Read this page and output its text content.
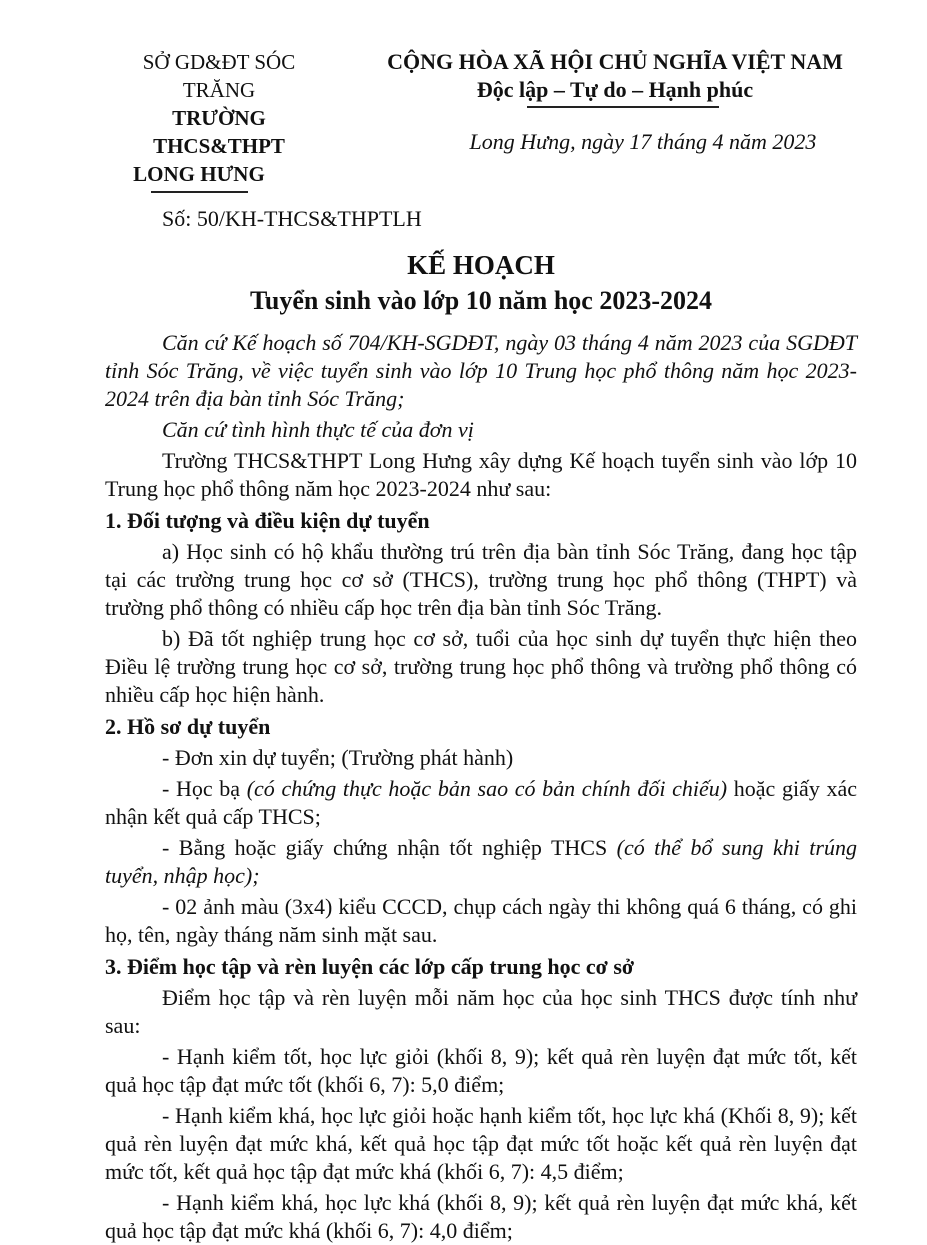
SỞ GD&ĐT SÓC TRĂNG
TRƯỜNG THCS&THPT
LONG HƯNG
CỘNG HÒA XÃ HỘI CHỦ NGHĨA VIỆT NAM
Độc lập – Tự do – Hạnh phúc
Long Hưng, ngày 17 tháng 4 năm 2023
Số: 50/KH-THCS&THPTLH
KẾ HOẠCH
Tuyển sinh vào lớp 10 năm học 2023-2024

Căn cứ Kế hoạch số 704/KH-SGDĐT, ngày 03 tháng 4 năm 2023 của SGDĐT tỉnh Sóc Trăng, về việc tuyển sinh vào lớp 10 Trung học phổ thông năm học 2023-2024 trên địa bàn tỉnh Sóc Trăng;

Căn cứ tình hình thực tế của đơn vị

Trường THCS&THPT Long Hưng xây dựng Kế hoạch tuyển sinh vào lớp 10 Trung học phổ thông năm học 2023-2024 như sau:

1. Đối tượng và điều kiện dự tuyển

a) Học sinh có hộ khẩu thường trú trên địa bàn tỉnh Sóc Trăng, đang học tập tại các trường trung học cơ sở (THCS), trường trung học phổ thông (THPT) và trường phổ thông có nhiều cấp học trên địa bàn tỉnh Sóc Trăng.

b) Đã tốt nghiệp trung học cơ sở, tuổi của học sinh dự tuyển thực hiện theo Điều lệ trường trung học cơ sở, trường trung học phổ thông và trường phổ thông có nhiều cấp học hiện hành.

2. Hồ sơ dự tuyển

- Đơn xin dự tuyển; (Trường phát hành)

- Học bạ (có chứng thực hoặc bản sao có bản chính đối chiếu) hoặc giấy xác nhận kết quả cấp THCS;

- Bằng hoặc giấy chứng nhận tốt nghiệp THCS (có thể bổ sung khi trúng tuyển, nhập học);

- 02 ảnh màu (3x4) kiểu CCCD, chụp cách ngày thi không quá 6 tháng, có ghi họ, tên, ngày tháng năm sinh mặt sau.

3. Điểm học tập và rèn luyện các lớp cấp trung học cơ sở

Điểm học tập và rèn luyện mỗi năm học của học sinh THCS được tính như sau:

- Hạnh kiểm tốt, học lực giỏi (khối 8, 9); kết quả rèn luyện đạt mức tốt, kết quả học tập đạt mức tốt (khối 6, 7): 5,0 điểm;

- Hạnh kiểm khá, học lực giỏi hoặc hạnh kiểm tốt, học lực khá (Khối 8, 9); kết quả rèn luyện đạt mức khá, kết quả học tập đạt mức tốt hoặc kết quả rèn luyện đạt mức tốt, kết quả học tập đạt mức khá (khối 6, 7): 4,5 điểm;

- Hạnh kiểm khá, học lực khá (khối 8, 9); kết quả rèn luyện đạt mức khá, kết quả học tập đạt mức khá (khối 6, 7): 4,0 điểm;
